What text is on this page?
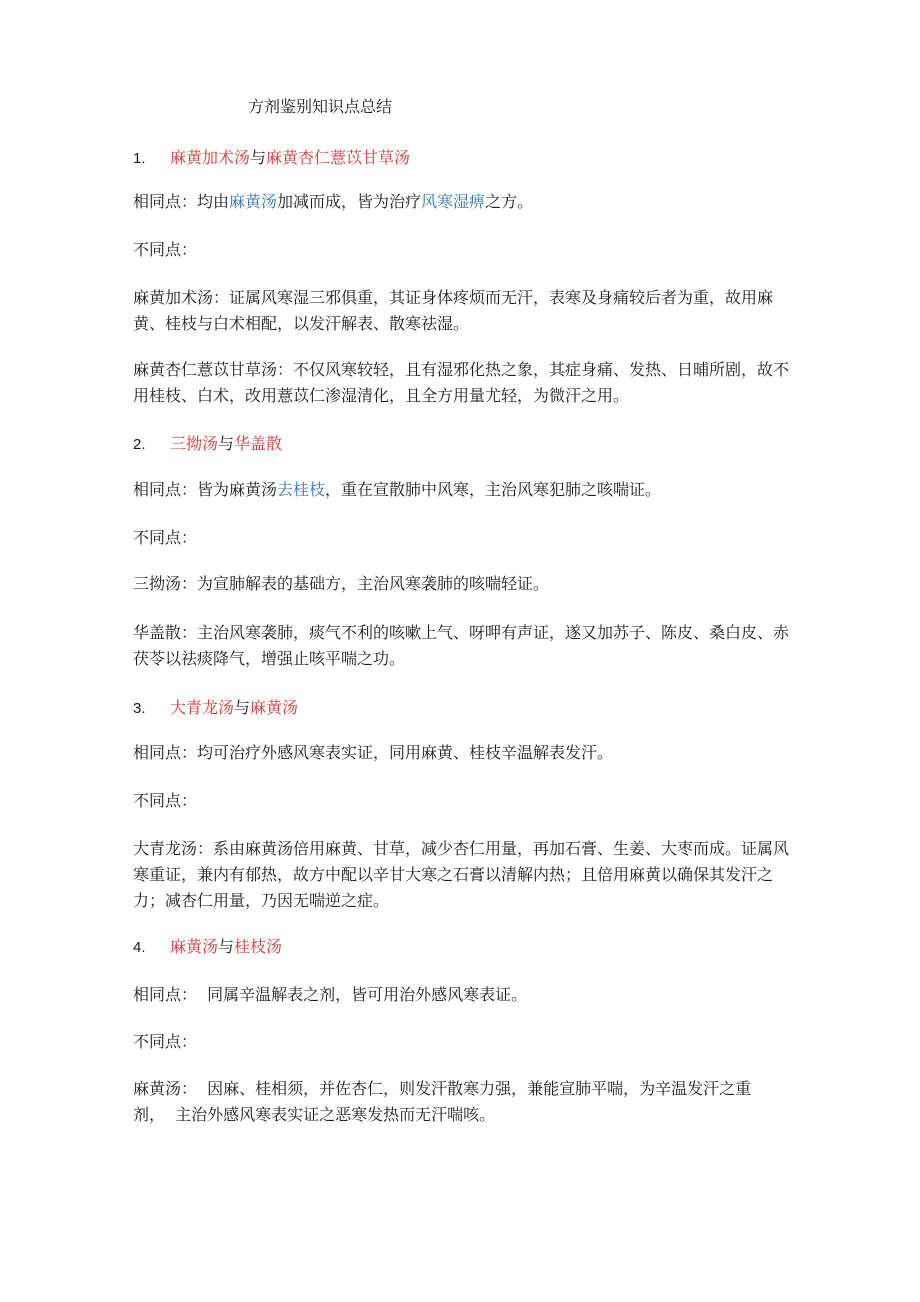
方剂鉴别知识点总结
1. 麻黄加术汤与麻黄杏仁薏苡甘草汤
相同点：均由麻黄汤加减而成，皆为治疗风寒湿痹之方。
不同点：
麻黄加术汤：证属风寒湿三邪俱重，其证身体疼烦而无汗，表寒及身痛较后者为重，故用麻黄、桂枝与白术相配，以发汗解表、散寒祛湿。
麻黄杏仁薏苡甘草汤：不仅风寒较轻，且有湿邪化热之象，其症身痛、发热、日晡所剧，故不用桂枝、白术，改用薏苡仁渗湿清化，且全方用量尤轻，为微汗之用。
2. 三拗汤与华盖散
相同点：皆为麻黄汤去桂枝，重在宣散肺中风寒，主治风寒犯肺之咳喘证。
不同点：
三拗汤：为宣肺解表的基础方，主治风寒袭肺的咳喘轻证。
华盖散：主治风寒袭肺，痰气不利的咳嗽上气、呀呷有声证，遂又加苏子、陈皮、桑白皮、赤茯苓以祛痰降气，增强止咳平喘之功。
3. 大青龙汤与麻黄汤
相同点：均可治疗外感风寒表实证，同用麻黄、桂枝辛温解表发汗。
不同点：
大青龙汤：系由麻黄汤倍用麻黄、甘草，减少杏仁用量，再加石膏、生姜、大枣而成。证属风寒重证，兼内有郁热，故方中配以辛甘大寒之石膏以清解内热；且倍用麻黄以确保其发汗之力；减杏仁用量，乃因无喘逆之症。
4. 麻黄汤与桂枝汤
相同点：  同属辛温解表之剂，皆可用治外感风寒表证。
不同点：
麻黄汤：  因麻、桂相须，并佐杏仁，则发汗散寒力强，兼能宣肺平喘，为辛温发汗之重剂，  主治外感风寒表实证之恶寒发热而无汗喘咳。
